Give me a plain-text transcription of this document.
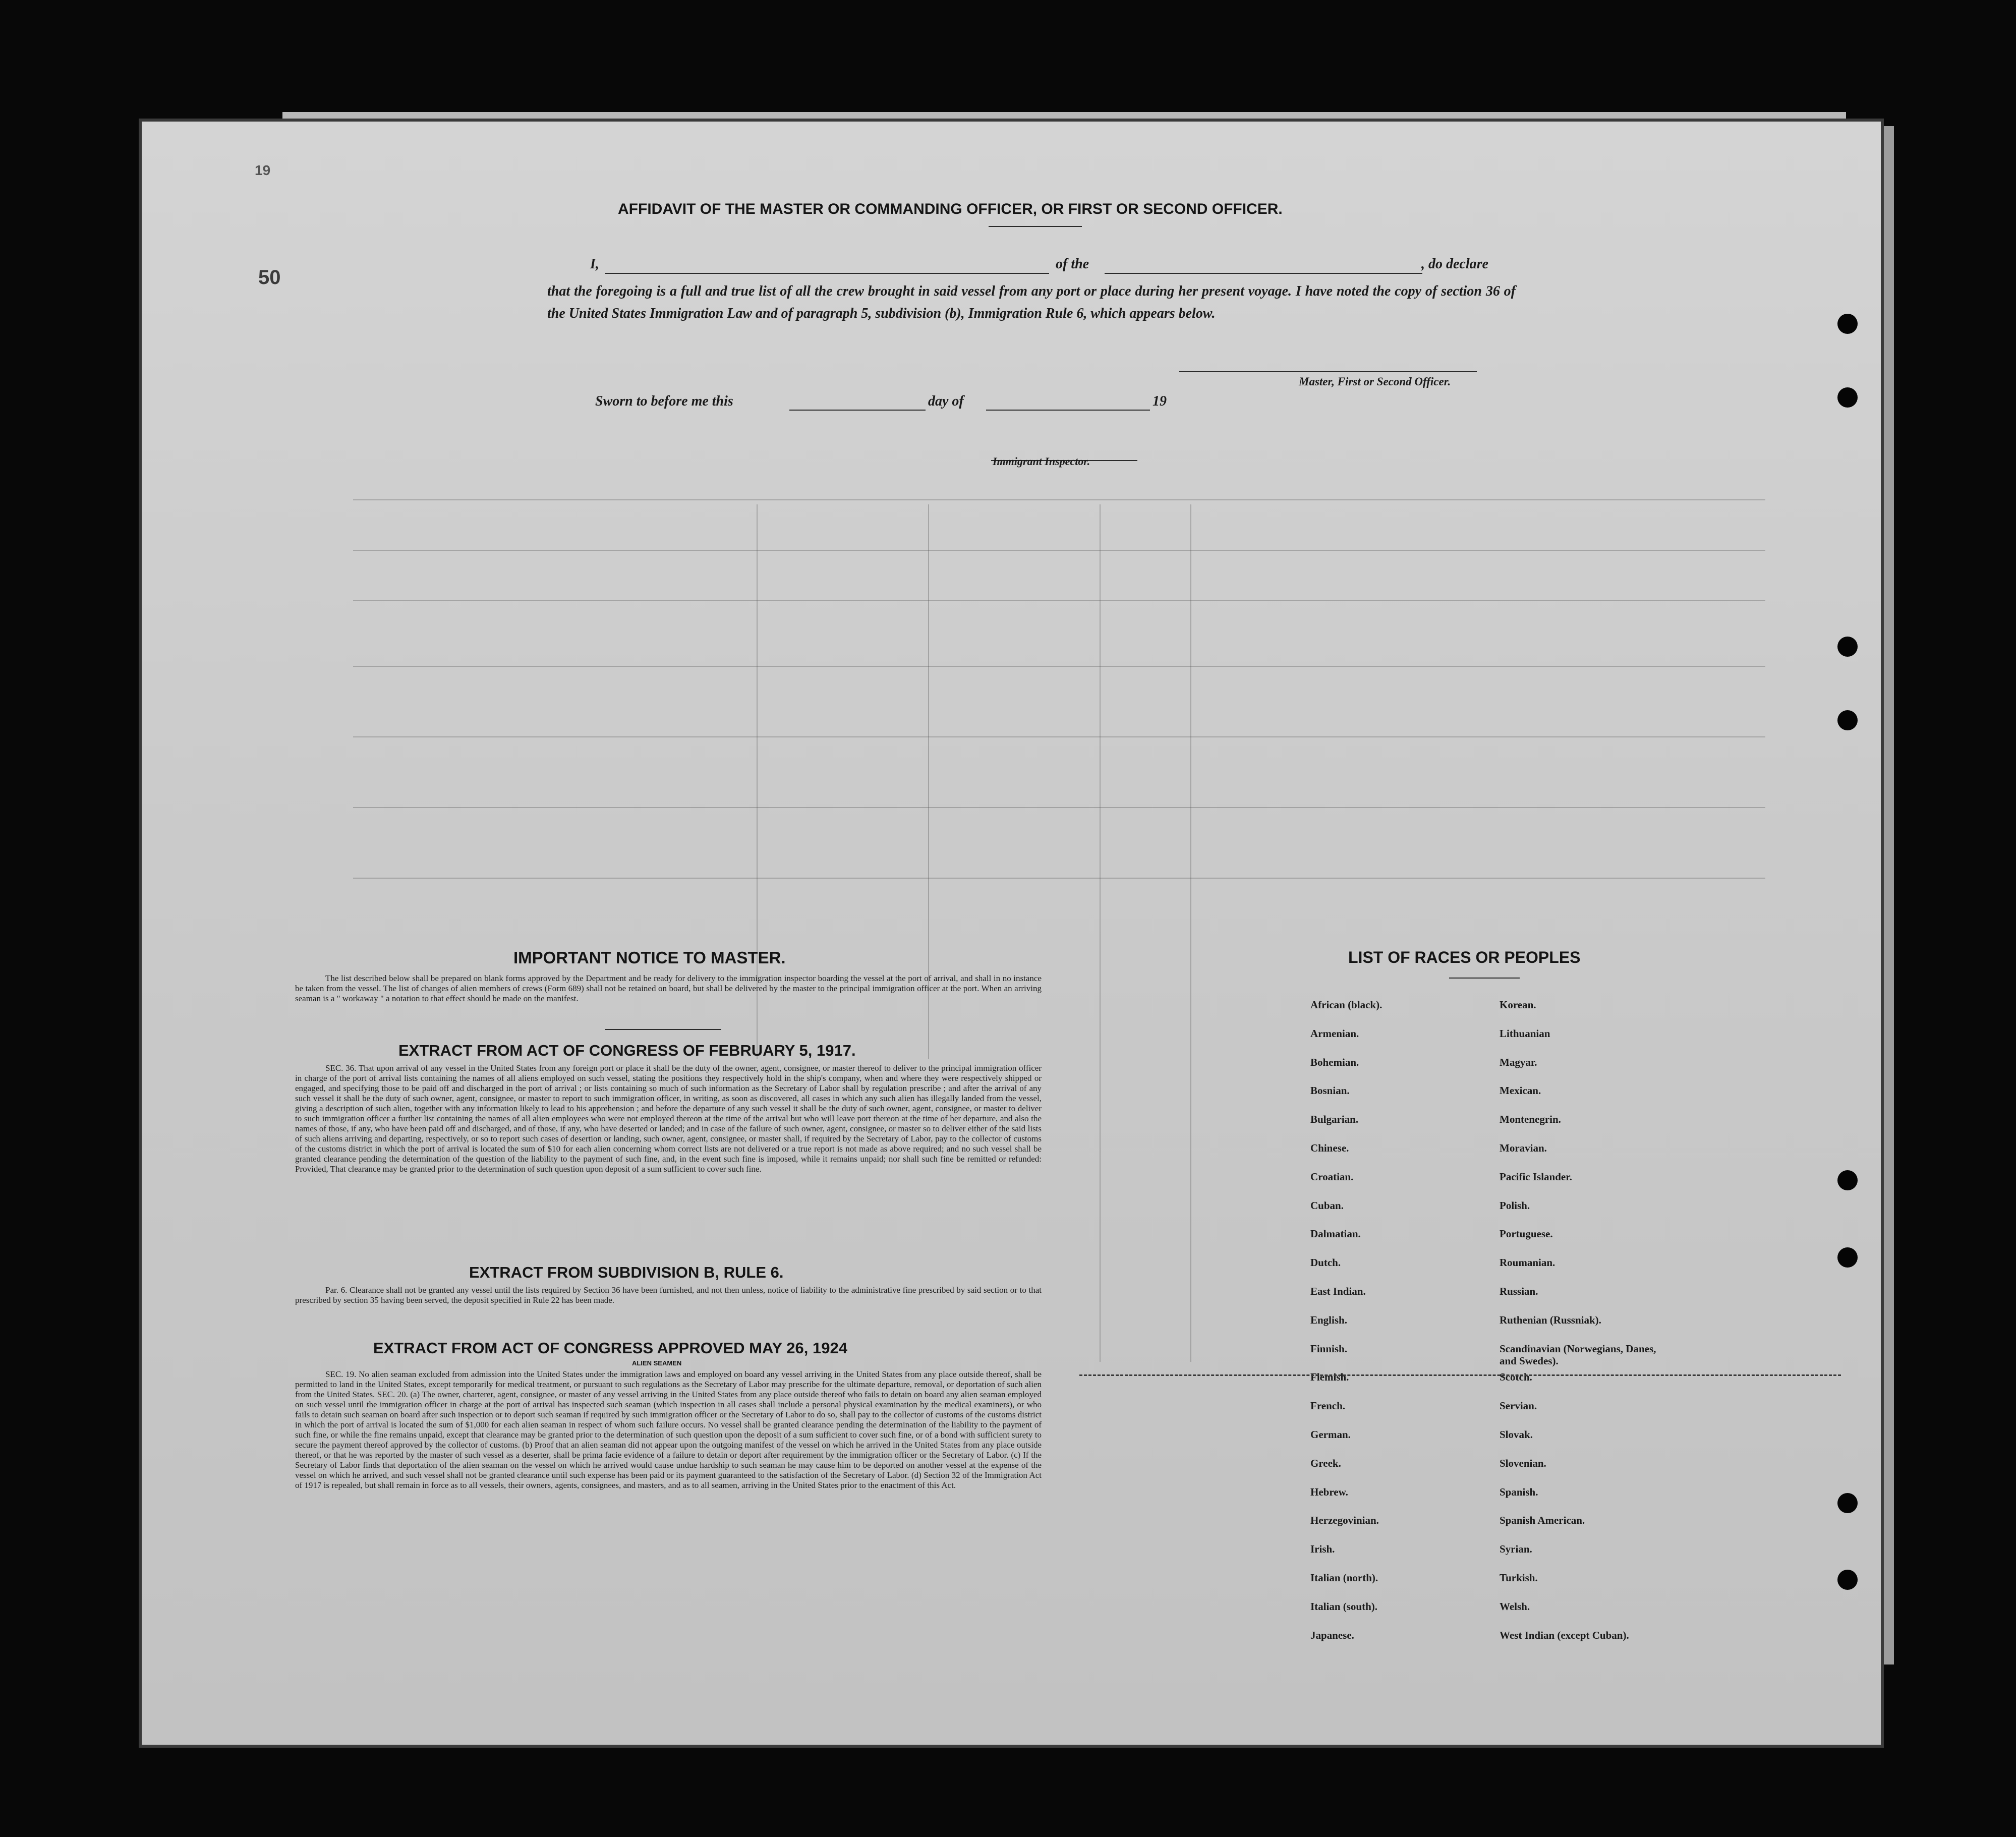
19
50
AFFIDAVIT OF THE MASTER OR COMMANDING OFFICER, OR FIRST OR SECOND OFFICER.
I,	of the	, do declare
that the foregoing is a full and true list of all the crew brought in said vessel from any port or place during her present voyage. I have noted the copy of section 36 of the United States Immigration Law and of paragraph 5, subdivision (b), Immigration Rule 6, which appears below.
Master, First or Second Officer.
Sworn to before me this	day of	19
Immigrant Inspector.
IMPORTANT NOTICE TO MASTER.
The list described below shall be prepared on blank forms approved by the Department and be ready for delivery to the immigration inspector boarding the vessel at the port of arrival, and shall in no instance be taken from the vessel. The list of changes of alien members of crews (Form 689) shall not be retained on board, but shall be delivered by the master to the principal immigration officer at the port. When an arriving seaman is a " workaway " a notation to that effect should be made on the manifest.
EXTRACT FROM ACT OF CONGRESS OF FEBRUARY 5, 1917.
SEC. 36. That upon arrival of any vessel in the United States from any foreign port or place it shall be the duty of the owner, agent, consignee, or master thereof to deliver to the principal immigration officer in charge of the port of arrival lists containing the names of all aliens employed on such vessel, stating the positions they respectively hold in the ship's company, when and where they were respectively shipped or engaged, and specifying those to be paid off and discharged in the port of arrival ; or lists containing so much of such information as the Secretary of Labor shall by regulation prescribe ; and after the arrival of any such vessel it shall be the duty of such owner, agent, consignee, or master to report to such immigration officer, in writing, as soon as discovered, all cases in which any such alien has illegally landed from the vessel, giving a description of such alien, together with any information likely to lead to his apprehension ; and before the departure of any such vessel it shall be the duty of such owner, agent, consignee, or master to deliver to such immigration officer a further list containing the names of all alien employees who were not employed thereon at the time of the arrival but who will leave port thereon at the time of her departure, and also the names of those, if any, who have been paid off and discharged, and of those, if any, who have deserted or landed; and in case of the failure of such owner, agent, consignee, or master so to deliver either of the said lists of such aliens arriving and departing, respectively, or so to report such cases of desertion or landing, such owner, agent, consignee, or master shall, if required by the Secretary of Labor, pay to the collector of customs of the customs district in which the port of arrival is located the sum of $10 for each alien concerning whom correct lists are not delivered or a true report is not made as above required; and no such vessel shall be granted clearance pending the determination of the question of the liability to the payment of such fine, and, in the event such fine is imposed, while it remains unpaid; nor shall such fine be remitted or refunded: Provided, That clearance may be granted prior to the determination of such question upon deposit of a sum sufficient to cover such fine.
EXTRACT FROM SUBDIVISION B, RULE 6.
Par. 6. Clearance shall not be granted any vessel until the lists required by Section 36 have been furnished, and not then unless, notice of liability to the administrative fine prescribed by said section or to that prescribed by section 35 having been served, the deposit specified in Rule 22 has been made.
EXTRACT FROM ACT OF CONGRESS APPROVED MAY 26, 1924
ALIEN SEAMEN
SEC. 19. No alien seaman excluded from admission into the United States under the immigration laws and employed on board any vessel arriving in the United States from any place outside thereof, shall be permitted to land in the United States, except temporarily for medical treatment, or pursuant to such regulations as the Secretary of Labor may prescribe for the ultimate departure, removal, or deportation of such alien from the United States. SEC. 20. (a) The owner, charterer, agent, consignee, or master of any vessel arriving in the United States from any place outside thereof who fails to detain on board any alien seaman employed on such vessel until the immigration officer in charge at the port of arrival has inspected such seaman (which inspection in all cases shall include a personal physical examination by the medical examiners), or who fails to detain such seaman on board after such inspection or to deport such seaman if required by such immigration officer or the Secretary of Labor to do so, shall pay to the collector of customs of the customs district in which the port of arrival is located the sum of $1,000 for each alien seaman in respect of whom such failure occurs. No vessel shall be granted clearance pending the determination of the liability to the payment of such fine, or while the fine remains unpaid, except that clearance may be granted prior to the determination of such question upon the deposit of a sum sufficient to cover such fine, or of a bond with sufficient surety to secure the payment thereof approved by the collector of customs. (b) Proof that an alien seaman did not appear upon the outgoing manifest of the vessel on which he arrived in the United States from any place outside thereof, or that he was reported by the master of such vessel as a deserter, shall be prima facie evidence of a failure to detain or deport after requirement by the immigration officer or the Secretary of Labor. (c) If the Secretary of Labor finds that deportation of the alien seaman on the vessel on which he arrived would cause undue hardship to such seaman he may cause him to be deported on another vessel at the expense of the vessel on which he arrived, and such vessel shall not be granted clearance until such expense has been paid or its payment guaranteed to the satisfaction of the Secretary of Labor. (d) Section 32 of the Immigration Act of 1917 is repealed, but shall remain in force as to all vessels, their owners, agents, consignees, and masters, and as to all seamen, arriving in the United States prior to the enactment of this Act.
LIST OF RACES OR PEOPLES
African (black).
Armenian.
Bohemian.
Bosnian.
Bulgarian.
Chinese.
Croatian.
Cuban.
Dalmatian.
Dutch.
East Indian.
English.
Finnish.
Flemish.
French.
German.
Greek.
Hebrew.
Herzegovinian.
Irish.
Italian (north).
Italian (south).
Japanese.
Korean.
Lithuanian
Magyar.
Mexican.
Montenegrin.
Moravian.
Pacific Islander.
Polish.
Portuguese.
Roumanian.
Russian.
Ruthenian (Russniak).
Scandinavian (Norwegians, Danes, and Swedes).
Scotch.
Servian.
Slovak.
Slovenian.
Spanish.
Spanish American.
Syrian.
Turkish.
Welsh.
West Indian (except Cuban).
